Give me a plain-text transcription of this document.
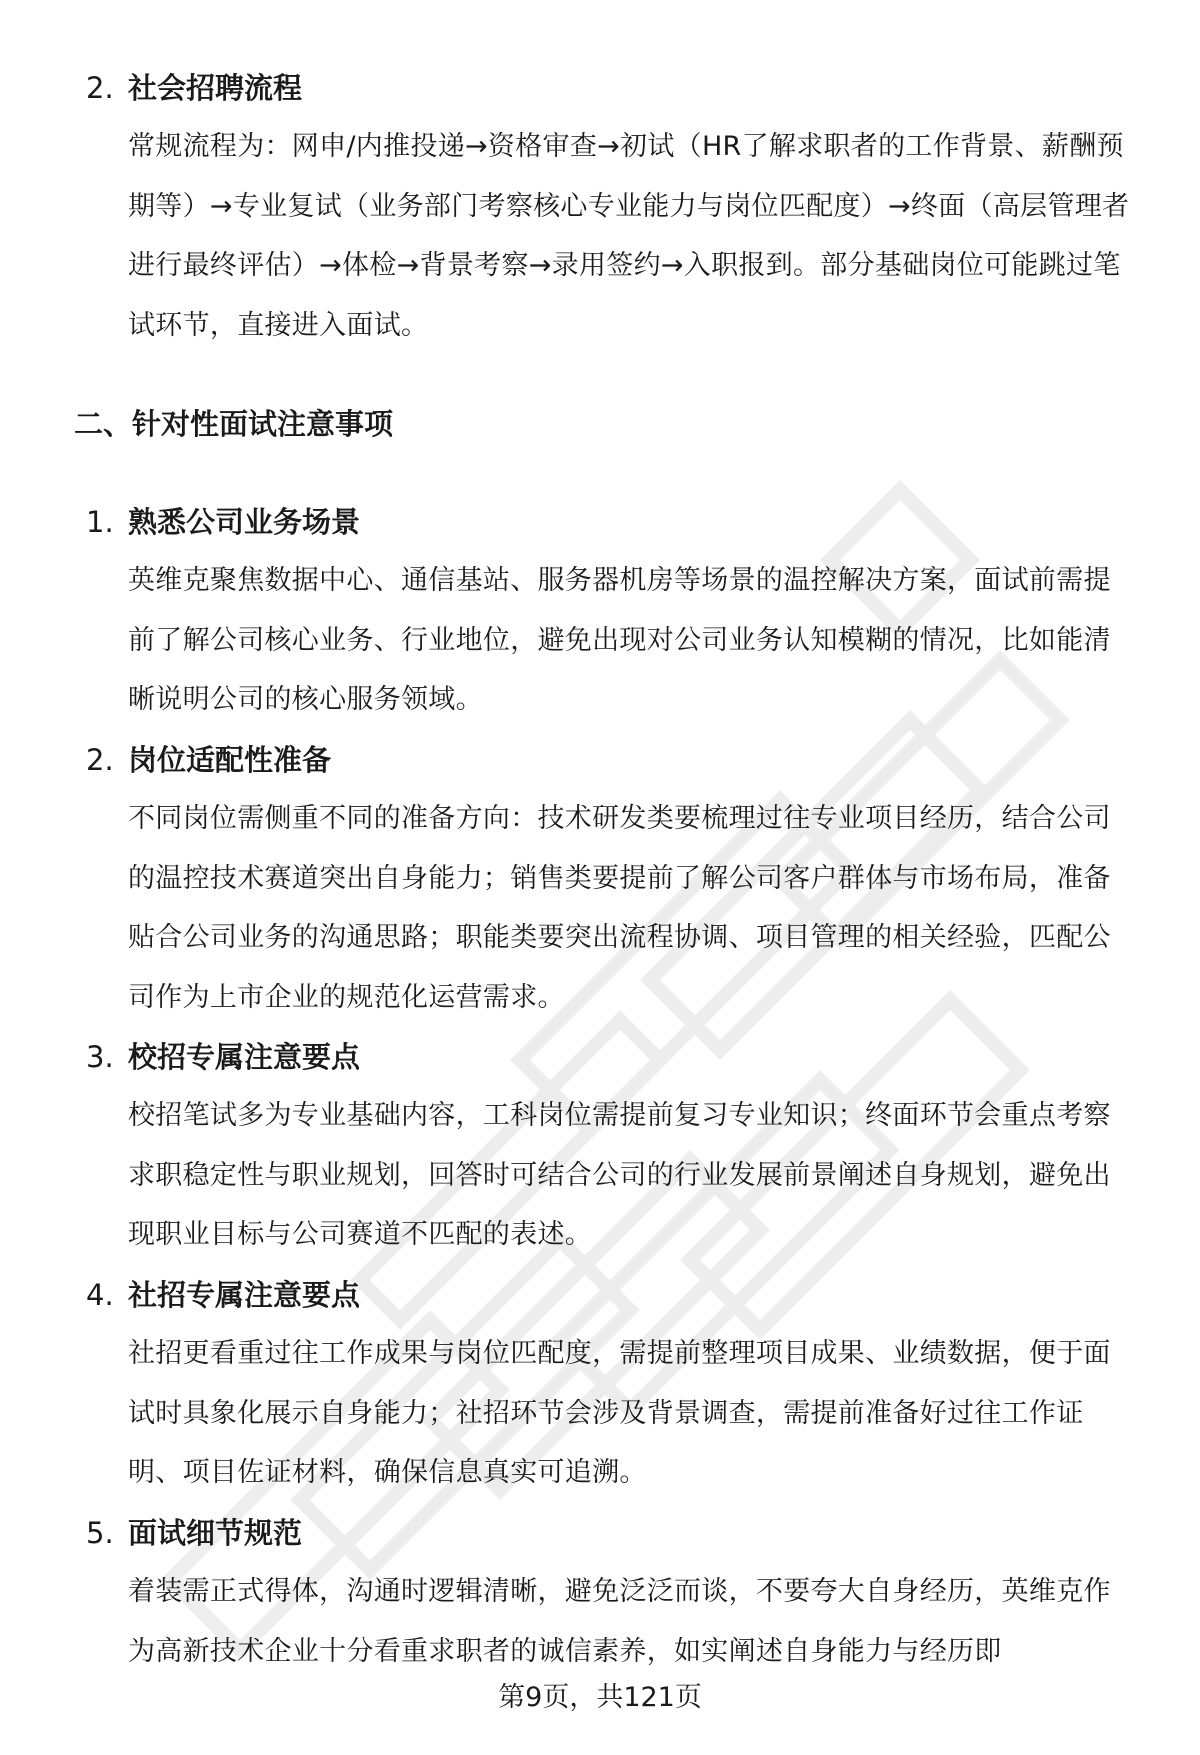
2. 社会招聘流程
常规流程为：网申/内推投递→资格审查→初试（HR了解求职者的工作背景、薪酬预期等）→专业复试（业务部门考察核心专业能力与岗位匹配度）→终面（高层管理者进行最终评估）→体检→背景考察→录用签约→入职报到。部分基础岗位可能跳过笔试环节，直接进入面试。
二、针对性面试注意事项
1. 熟悉公司业务场景
英维克聚焦数据中心、通信基站、服务器机房等场景的温控解决方案，面试前需提前了解公司核心业务、行业地位，避免出现对公司业务认知模糊的情况，比如能清晰说明公司的核心服务领域。
2. 岗位适配性准备
不同岗位需侧重不同的准备方向：技术研发类要梳理过往专业项目经历，结合公司的温控技术赛道突出自身能力；销售类要提前了解公司客户群体与市场布局，准备贴合公司业务的沟通思路；职能类要突出流程协调、项目管理的相关经验，匹配公司作为上市企业的规范化运营需求。
3. 校招专属注意要点
校招笔试多为专业基础内容，工科岗位需提前复习专业知识；终面环节会重点考察求职稳定性与职业规划，回答时可结合公司的行业发展前景阐述自身规划，避免出现职业目标与公司赛道不匹配的表述。
4. 社招专属注意要点
社招更看重过往工作成果与岗位匹配度，需提前整理项目成果、业绩数据，便于面试时具象化展示自身能力；社招环节会涉及背景调查，需提前准备好过往工作证明、项目佐证材料，确保信息真实可追溯。
5. 面试细节规范
着装需正式得体，沟通时逻辑清晰，避免泛泛而谈，不要夸大自身经历，英维克作为高新技术企业十分看重求职者的诚信素养，如实阐述自身能力与经历即
第9页，共121页
